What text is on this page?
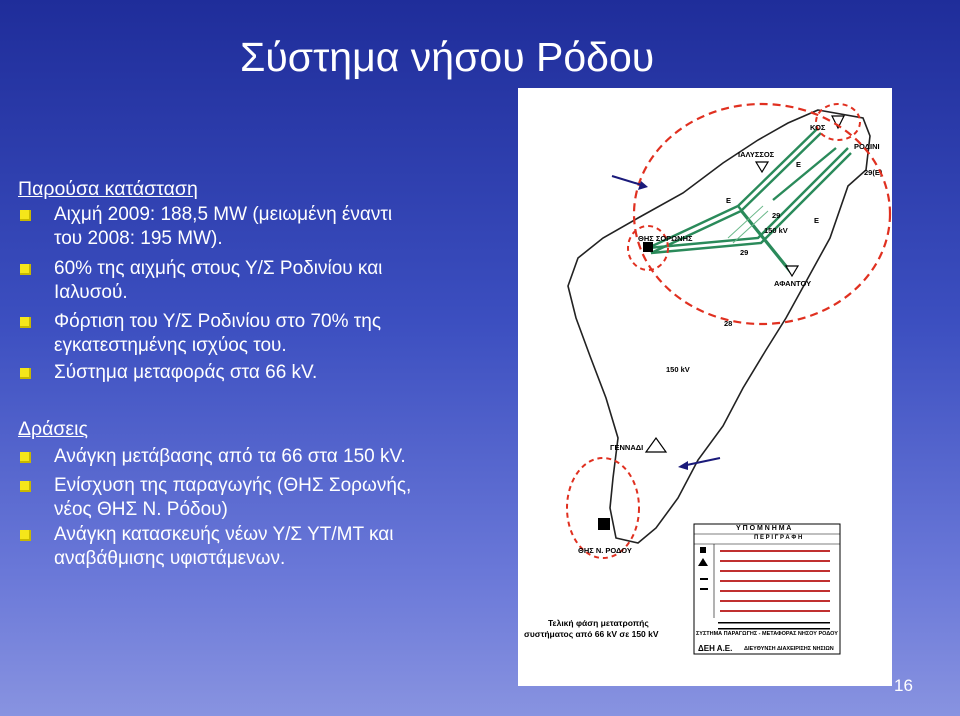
Σύστημα νήσου Ρόδου
Παρούσα κατάσταση
Αιχμή 2009: 188,5 MW (μειωμένη έναντι
του 2008: 195 MW).
60% της αιχμής στους Υ/Σ Ροδινίου και
Ιαλυσού.
Φόρτιση του Υ/Σ Ροδινίου στο 70% της
εγκατεστημένης ισχύος του.
Σύστημα μεταφοράς στα 66 kV.
Δράσεις
Ανάγκη μετάβασης από τα 66 στα 150 kV.
Ενίσχυση της παραγωγής (ΘΗΣ Σορωνής,
νέος ΘΗΣ Ν. Ρόδου)
Ανάγκη κατασκευής νέων Υ/Σ ΥΤ/ΜΤ και
αναβάθμισης υφιστάμενων.
ΡΟΔΙΝΙ
ΙΑΛΥΣΣΟΣ
ΚΟΣ
ΘΗΣ ΣΟΡΩΝΗΣ
ΑΦΑΝΤΟΥ
ΓΕΝΝΑΔΙ
ΘΗΣ Ν. ΡΟΔΟΥ
150 kV
150 kV
29
29
28
29(E)
E
E
E
Υ Π Ο Μ Ν Η Μ Α
Π Ε Ρ Ι Γ Ρ Α Φ Η
Τελική φάση μετατροπής
συστήματος από 66 kV σε 150 kV	ΣΥΣΤΗΜΑ ΠΑΡΑΓΩΓΗΣ - ΜΕΤΑΦΟΡΑΣ ΝΗΣΟΥ ΡΟΔΟΥ
ΔΕΗ Α.Ε. ΔΙΕΥΘΥΝΣΗ ΔΙΑΧΕΙΡΙΣΗΣ ΝΗΣΙΩΝ
Υφιστάμενο δίκτυο
στα 66 kV
προσωρινή
λειτουργία στα 66kV
16
